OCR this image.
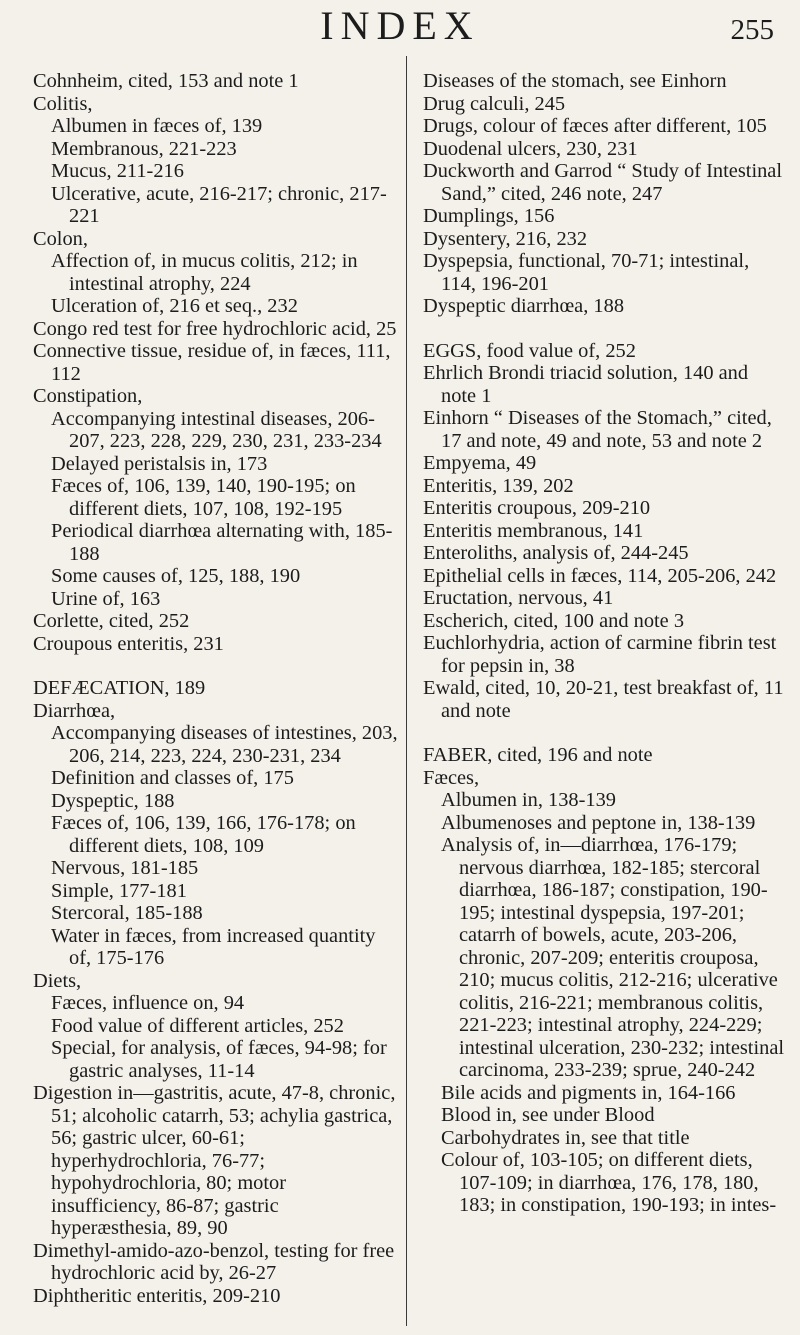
INDEX	255

Cohnheim, cited, 153 and note 1

Colitis,

Albumen in fæces of, 139

Membranous, 221-223

Mucus, 211-216

Ulcerative, acute, 216-217; chronic, 217-221

Colon,

Affection of, in mucus colitis, 212; in intestinal atrophy, 224

Ulceration of, 216 et seq., 232

Congo red test for free hydrochloric acid, 25

Connective tissue, residue of, in fæces, 111, 112

Constipation,

Accompanying intestinal diseases, 206-207, 223, 228, 229, 230, 231, 233-234

Delayed peristalsis in, 173

Fæces of, 106, 139, 140, 190-195; on different diets, 107, 108, 192-195

Periodical diarrhœa alternating with, 185-188

Some causes of, 125, 188, 190

Urine of, 163

Corlette, cited, 252

Croupous enteritis, 231

DEFÆCATION, 189

Diarrhœa,

Accompanying diseases of intestines, 203, 206, 214, 223, 224, 230-231, 234

Definition and classes of, 175

Dyspeptic, 188

Fæces of, 106, 139, 166, 176-178; on different diets, 108, 109

Nervous, 181-185

Simple, 177-181

Stercoral, 185-188

Water in fæces, from increased quantity of, 175-176

Diets,

Fæces, influence on, 94

Food value of different articles, 252

Special, for analysis, of fæces, 94-98; for gastric analyses, 11-14

Digestion in—gastritis, acute, 47-8, chronic, 51; alcoholic catarrh, 53; achylia gastrica, 56; gastric ulcer, 60-61; hyperhydrochloria, 76-77; hypohydrochloria, 80; motor insufficiency, 86-87; gastric hyperæsthesia, 89, 90

Dimethyl-amido-azo-benzol, testing for free hydrochloric acid by, 26-27

Diphtheritic enteritis, 209-210

Diseases of the stomach, see Einhorn

Drug calculi, 245

Drugs, colour of fæces after different, 105

Duodenal ulcers, 230, 231

Duckworth and Garrod “ Study of Intestinal Sand,” cited, 246 note, 247

Dumplings, 156

Dysentery, 216, 232

Dyspepsia, functional, 70-71; intestinal, 114, 196-201

Dyspeptic diarrhœa, 188

EGGS, food value of, 252

Ehrlich Brondi triacid solution, 140 and note 1

Einhorn “ Diseases of the Stomach,” cited, 17 and note, 49 and note, 53 and note 2

Empyema, 49

Enteritis, 139, 202

Enteritis croupous, 209-210

Enteritis membranous, 141

Enteroliths, analysis of, 244-245

Epithelial cells in fæces, 114, 205-206, 242

Eructation, nervous, 41

Escherich, cited, 100 and note 3

Euchlorhydria, action of carmine fibrin test for pepsin in, 38

Ewald, cited, 10, 20-21, test breakfast of, 11 and note

FABER, cited, 196 and note

Fæces,

Albumen in, 138-139

Albumenoses and peptone in, 138-139

Analysis of, in—diarrhœa, 176-179; nervous diarrhœa, 182-185; stercoral diarrhœa, 186-187; constipation, 190-195; intestinal dyspepsia, 197-201; catarrh of bowels, acute, 203-206, chronic, 207-209; enteritis crouposa, 210; mucus colitis, 212-216; ulcerative colitis, 216-221; membranous colitis, 221-223; intestinal atrophy, 224-229; intestinal ulceration, 230-232; intestinal carcinoma, 233-239; sprue, 240-242

Bile acids and pigments in, 164-166

Blood in, see under Blood

Carbohydrates in, see that title

Colour of, 103-105; on different diets, 107-109; in diarrhœa, 176, 178, 180, 183; in constipation, 190-193; in intes-
